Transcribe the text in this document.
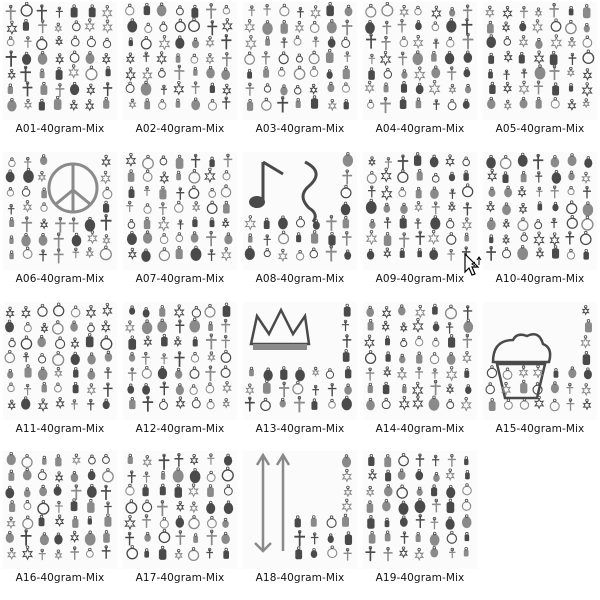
A01-40gram-Mix	A02-40gram-Mix	A03-40gram-Mix	A04-40gram-Mix	A05-40gram-Mix
A06-40gram-Mix	A07-40gram-Mix	A08-40gram-Mix	A09-40gram-Mix	A10-40gram-Mix
A11-40gram-Mix	A12-40gram-Mix	A13-40gram-Mix	A14-40gram-Mix	A15-40gram-Mix
A16-40gram-Mix	A17-40gram-Mix	A18-40gram-Mix	A19-40gram-Mix
